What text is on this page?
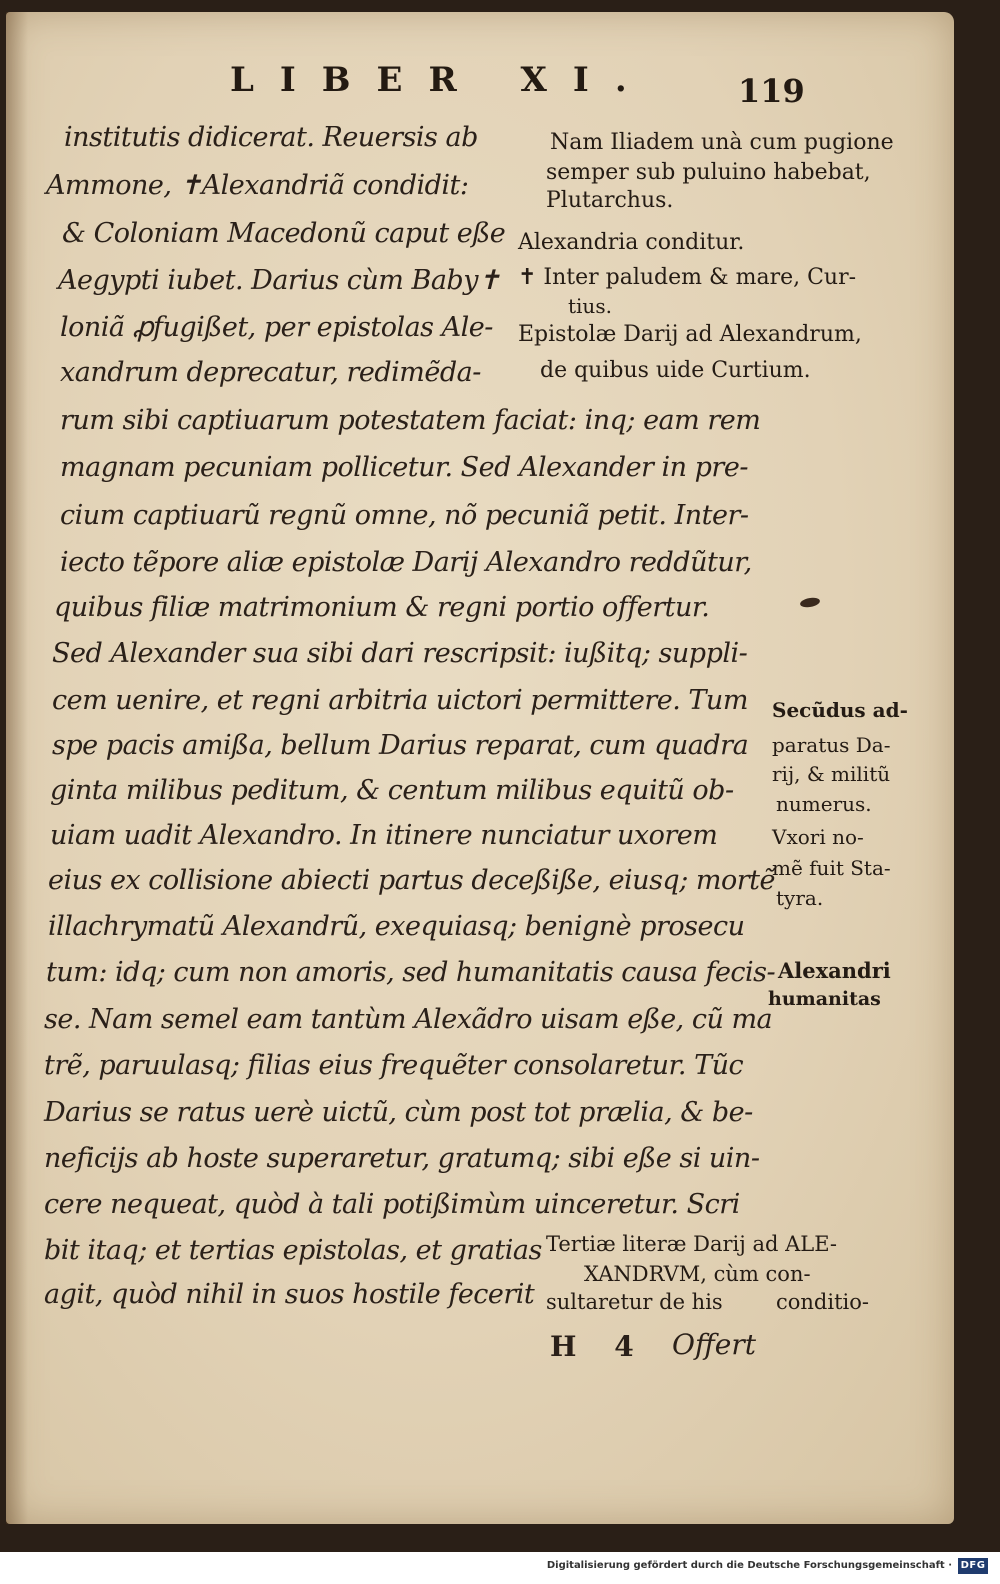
LIBER XI.	119
institutis didicerat. Reuersis ab
Ammone, ✝Alexandriã condidit:
& Coloniam Macedonũ caput eße
Aegypti iubet. Darius cùm Baby✝
loniã ꝓfugißet, per epistolas Ale-
xandrum deprecatur, redimẽda-
rum sibi captiuarum potestatem faciat: inq; eam rem
magnam pecuniam pollicetur. Sed Alexander in pre-
cium captiuarũ regnũ omne, nõ pecuniã petit. Inter-
iecto tẽpore aliæ epistolæ Darij Alexandro reddũtur,
quibus filiæ matrimonium & regni portio offertur.
Sed Alexander sua sibi dari rescripsit: iußitq; suppli-
cem uenire, et regni arbitria uictori permittere. Tum
spe pacis amißa, bellum Darius reparat, cum quadra
ginta milibus peditum, & centum milibus equitũ ob-
uiam uadit Alexandro. In itinere nunciatur uxorem
eius ex collisione abiecti partus deceßiße, eiusq; mortẽ
illachrymatũ Alexandrũ, exequiasq; benignè prosecu
tum: idq; cum non amoris, sed humanitatis causa fecis-
se. Nam semel eam tantùm Alexãdro uisam eße, cũ ma
trẽ, paruulasq; filias eius frequẽter consolaretur. Tũc
Darius se ratus uerè uictũ, cùm post tot prælia, & be-
neficijs ab hoste superaretur, gratumq; sibi eße si uin-
cere nequeat, quòd à tali potißimùm uinceretur. Scri
bit itaq; et tertias epistolas, et gratias
agit, quòd nihil in suos hostile fecerit
Nam Iliadem unà cum pugione
semper sub puluino habebat,
Plutarchus.
Alexandria conditur.
✝ Inter paludem & mare, Cur-
tius.
Epistolæ Darij ad Alexandrum,
de quibus uide Curtium.
Secũdus ad-
paratus Da-
rij, & militũ
numerus.
Vxori no-
mẽ fuit Sta-
tyra.
Alexandri
humanitas
Tertiæ literæ Darij ad ALE-
XANDRVM, cùm con-
sultaretur de his	conditio-
H 4 Offert
Digitalisierung gefördert durch die Deutsche Forschungsgemeinschaft · DFG
